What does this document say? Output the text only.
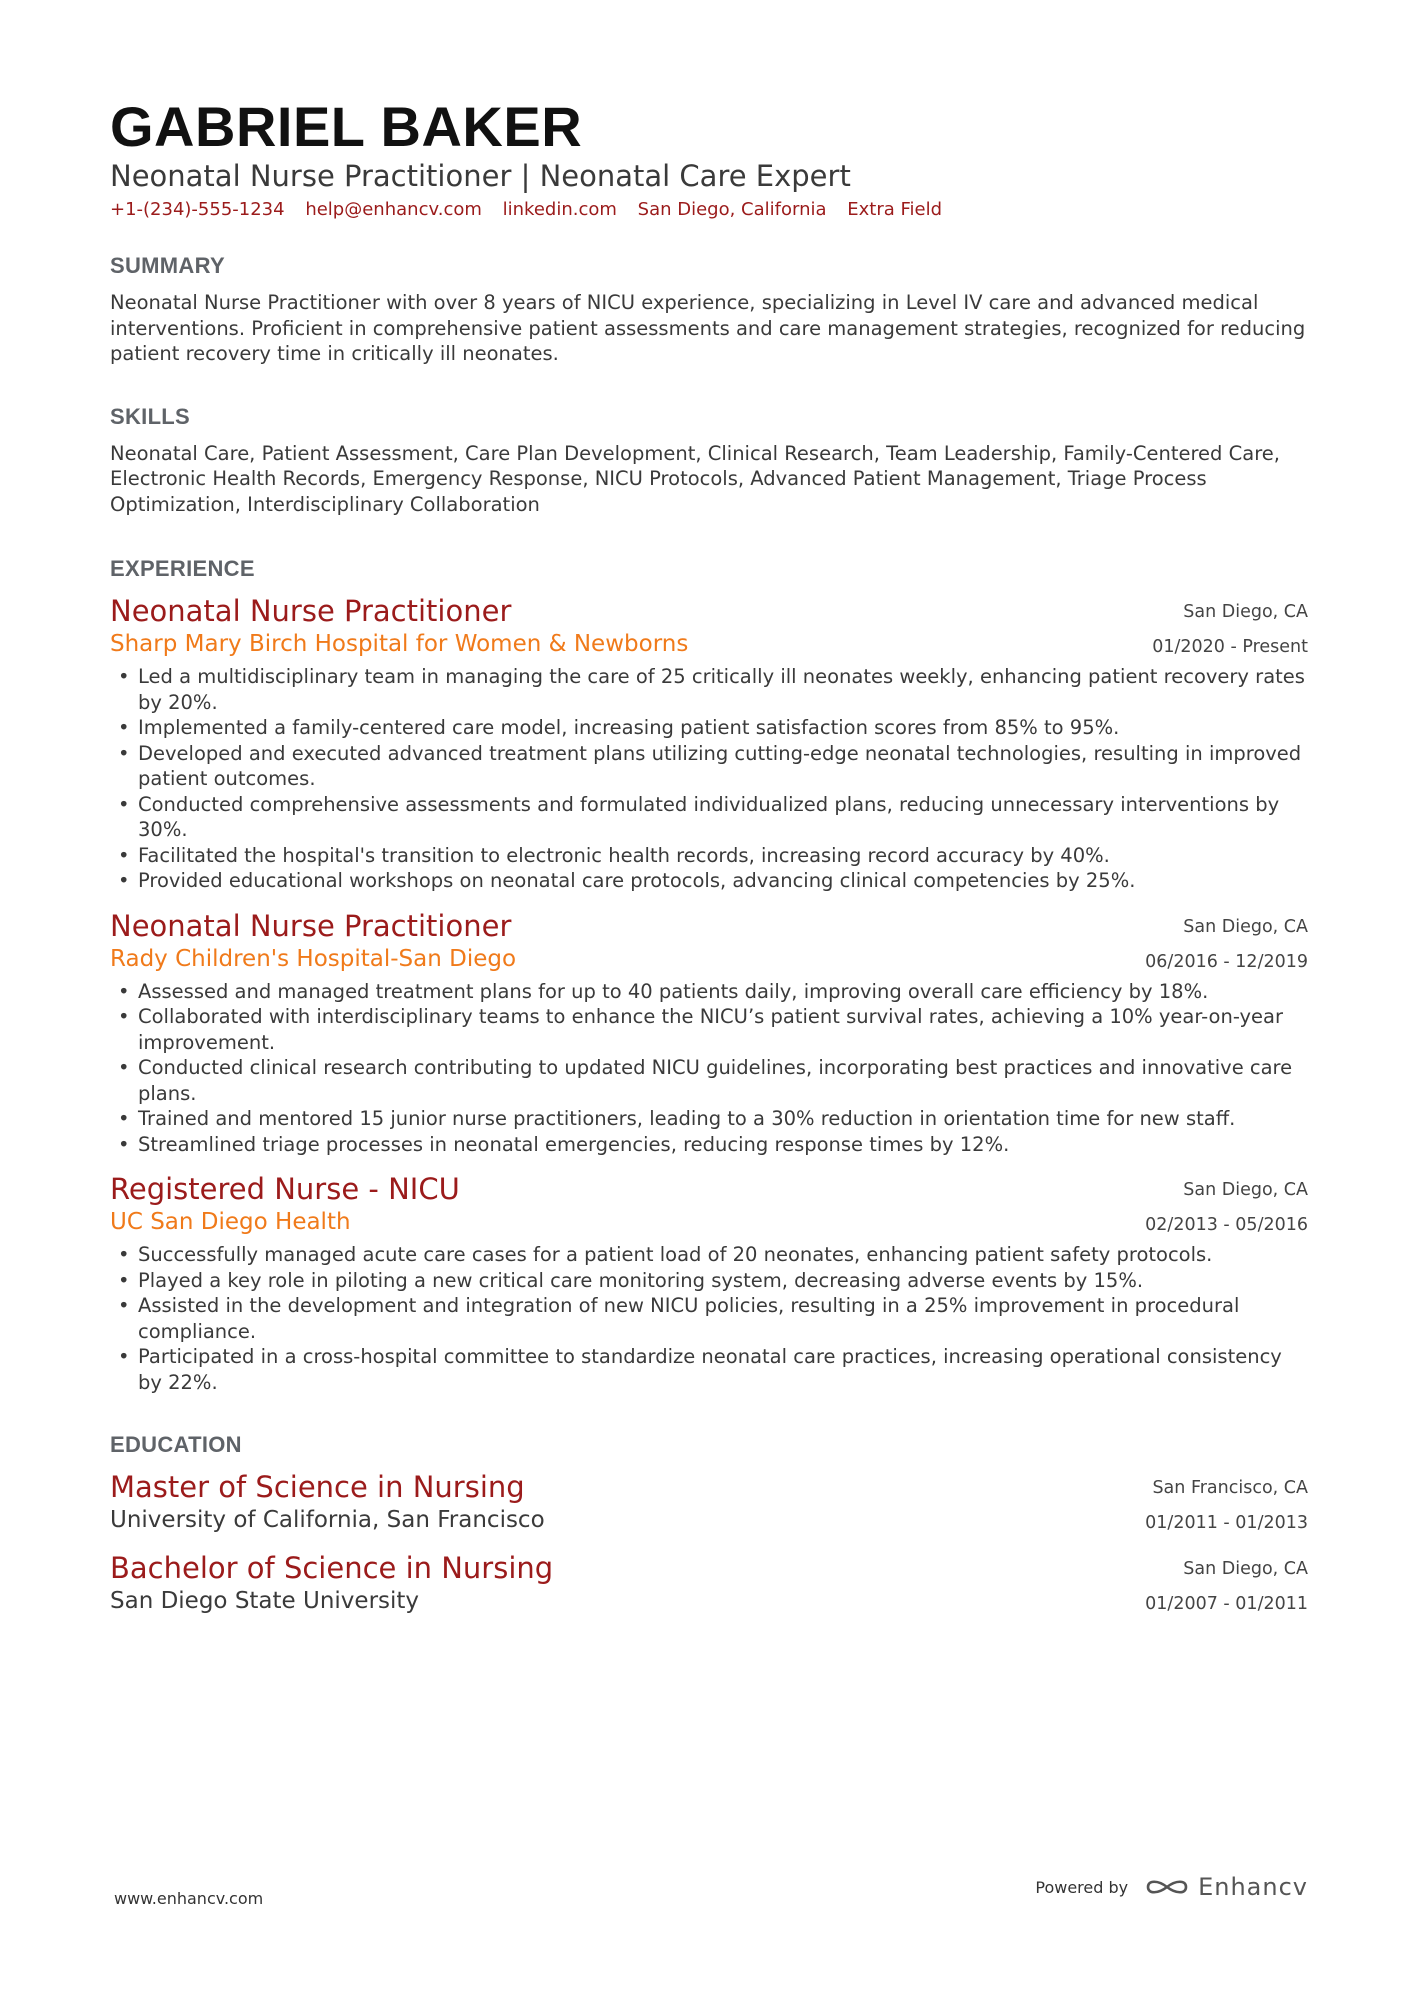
GABRIEL BAKER
Neonatal Nurse Practitioner | Neonatal Care Expert
+1-(234)-555-1234 help@enhancv.com linkedin.com San Diego, California Extra Field
SUMMARY
Neonatal Nurse Practitioner with over 8 years of NICU experience, specializing in Level IV care and advanced medical interventions. Proficient in comprehensive patient assessments and care management strategies, recognized for reducing patient recovery time in critically ill neonates.
SKILLS
Neonatal Care, Patient Assessment, Care Plan Development, Clinical Research, Team Leadership, Family-Centered Care, Electronic Health Records, Emergency Response, NICU Protocols, Advanced Patient Management, Triage Process Optimization, Interdisciplinary Collaboration
EXPERIENCE
Neonatal Nurse Practitioner
Sharp Mary Birch Hospital for Women & Newborns
San Diego, CA
01/2020 - Present
• Led a multidisciplinary team in managing the care of 25 critically ill neonates weekly, enhancing patient recovery rates by 20%.
• Implemented a family-centered care model, increasing patient satisfaction scores from 85% to 95%.
• Developed and executed advanced treatment plans utilizing cutting-edge neonatal technologies, resulting in improved patient outcomes.
• Conducted comprehensive assessments and formulated individualized plans, reducing unnecessary interventions by 30%.
• Facilitated the hospital's transition to electronic health records, increasing record accuracy by 40%.
• Provided educational workshops on neonatal care protocols, advancing clinical competencies by 25%.
Neonatal Nurse Practitioner
Rady Children's Hospital-San Diego
San Diego, CA
06/2016 - 12/2019
• Assessed and managed treatment plans for up to 40 patients daily, improving overall care efficiency by 18%.
• Collaborated with interdisciplinary teams to enhance the NICU’s patient survival rates, achieving a 10% year-on-year improvement.
• Conducted clinical research contributing to updated NICU guidelines, incorporating best practices and innovative care plans.
• Trained and mentored 15 junior nurse practitioners, leading to a 30% reduction in orientation time for new staff.
• Streamlined triage processes in neonatal emergencies, reducing response times by 12%.
Registered Nurse - NICU
UC San Diego Health
San Diego, CA
02/2013 - 05/2016
• Successfully managed acute care cases for a patient load of 20 neonates, enhancing patient safety protocols.
• Played a key role in piloting a new critical care monitoring system, decreasing adverse events by 15%.
• Assisted in the development and integration of new NICU policies, resulting in a 25% improvement in procedural compliance.
• Participated in a cross-hospital committee to standardize neonatal care practices, increasing operational consistency by 22%.
EDUCATION
Master of Science in Nursing
University of California, San Francisco
San Francisco, CA
01/2011 - 01/2013
Bachelor of Science in Nursing
San Diego State University
San Diego, CA
01/2007 - 01/2011
www.enhancv.com
Powered by	Enhancv
